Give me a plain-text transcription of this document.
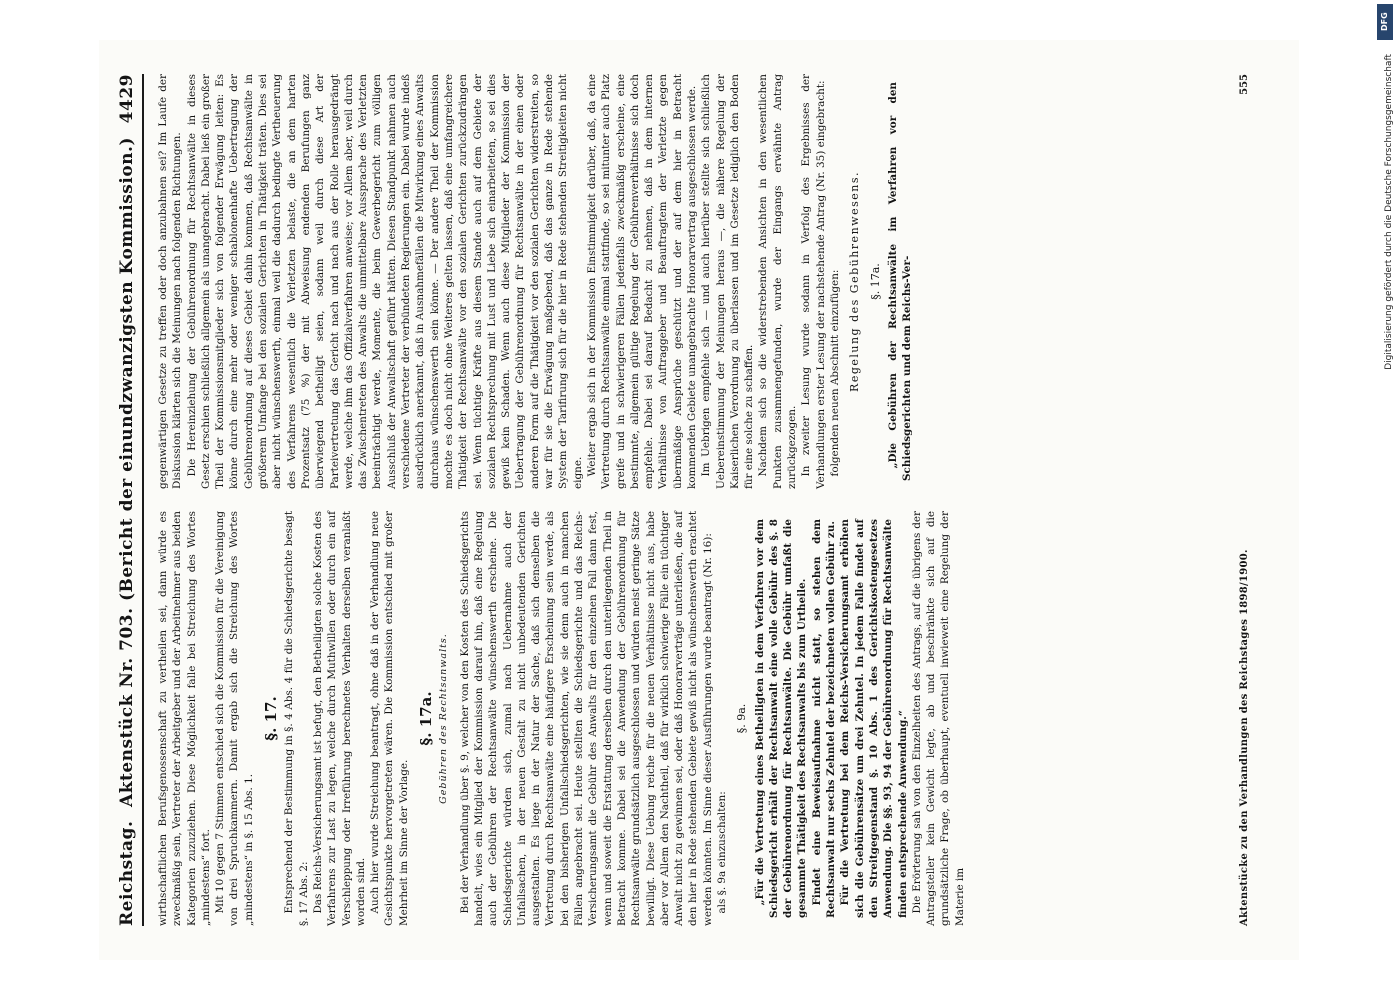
DFG
Digitalisierung gefördert durch die Deutsche Forschungsgemeinschaft
Reichstag.
Aktenstück Nr. 703. (Bericht der einundzwanzigsten Kommission.)
4429

wirthschaftlichen Berufsgenossenschaft zu vertheilen sei, dann würde es zweckmäßig sein, Vertreter der Arbeitgeber und der Arbeitnehmer aus beiden Kategorien zuzuziehen. Diese Möglichkeit falle bei Streichung des Wortes „mindestens“ fort. Mit 10 gegen 7 Stimmen entschied sich die Kommission für die Vereinigung von drei Spruchkammern. Damit ergab sich die Streichung des Wortes „mindestens“ in §. 15 Abs. 1.

§. 17. Entsprechend der Bestimmung in §. 4 Abs. 4 für die Schiedsgerichte besagt §. 17 Abs. 2: Das Reichs-Versicherungsamt ist befugt, den Betheiligten solche Kosten des Verfahrens zur Last zu legen, welche durch Muthwillen oder durch ein auf Verschleppung oder Irreführung berechnetes Verhalten derselben veranlaßt worden sind. Auch hier wurde Streichung beantragt, ohne daß in der Verhandlung neue Gesichtspunkte hervorgetreten wären. Die Kommission entschied mit großer Mehrheit im Sinne der Vorlage.

§. 17a. Gebühren des Rechtsanwalts. Bei der Verhandlung über §. 9, welcher von den Kosten des Schiedsgerichts handelt, wies ein Mitglied der Kommission darauf hin, daß eine Regelung auch der Gebühren der Rechtsanwälte wünschenswerth erscheine. Die Schiedsgerichte würden sich, zumal nach Uebernahme auch der Unfallsachen, in der neuen Gestalt zu nicht unbedeutenden Gerichten ausgestalten. Es liege in der Natur der Sache, daß sich denselben die Vertretung durch Rechtsanwälte eine häufigere Erscheinung sein werde, als bei den bisherigen Unfallschiedsgerichten, wie sie denn auch in manchen Fällen angebracht sei. Heute stellten die Schiedsgerichte und das Reichs-Versicherungsamt die Gebühr des Anwalts für den einzelnen Fall dann fest, wenn und soweit die Erstattung derselben durch den unterliegenden Theil in Betracht komme. Dabei sei die Anwendung der Gebührenordnung für Rechtsanwälte grundsätzlich ausgeschlossen und würden meist geringe Sätze bewilligt. Diese Uebung reiche für die neuen Verhältnisse nicht aus, habe aber vor Allem den Nachtheil, daß für wirklich schwierige Fälle ein tüchtiger Anwalt nicht zu gewinnen sei, oder daß Honorarverträge unterließen, die auf den hier in Rede stehenden Gebiete gewiß nicht als wünschenswerth erachtet werden könnten. Im Sinne dieser Ausführungen wurde beantragt (Nr. 16): als §. 9a einzuschalten:

§. 9a. „Für die Vertretung eines Betheiligten in dem Verfahren vor dem Schiedsgericht erhält der Rechtsanwalt eine volle Gebühr des §. 8 der Gebührenordnung für Rechtsanwälte. Die Gebühr umfaßt die gesammte Thätigkeit des Rechtsanwalts bis zum Urtheile. Findet eine Beweisaufnahme nicht statt, so stehen dem Rechtsanwalt nur sechs Zehntel der bezeichneten vollen Gebühr zu. Für die Vertretung bei dem Reichs-Versicherungsamt erhöhen sich die Gebührensätze um drei Zehntel. In jedem Falle findet auf den Streitgegenstand §. 10 Abs. 1 des Gerichtskostengesetzes Anwendung. Die §§. 93, 94 der Gebührenordnung für Rechtsanwälte finden entsprechende Anwendung.“ Die Erörterung sah von den Einzelheiten des Antrags, auf die übrigens der Antragsteller kein Gewicht legte, ab und beschränkte sich auf die grundsätzliche Frage, ob überhaupt, eventuell inwieweit eine Regelung der Materie im

gegenwärtigen Gesetze zu treffen oder doch anzubahnen sei? Im Laufe der Diskussion klärten sich die Meinungen nach folgenden Richtungen. Die Hereinziehung der Gebührenordnung für Rechtsanwälte in dieses Gesetz erschien schließlich allgemein als unangebracht. Dabei ließ ein großer Theil der Kommissionsmitglieder sich von folgender Erwägung leiten: Es könne durch eine mehr oder weniger schablonenhafte Uebertragung der Gebührenordnung auf dieses Gebiet dahin kommen, daß Rechtsanwälte in größerem Umfange bei den sozialen Gerichten in Thätigkeit träten. Dies sei aber nicht wünschenswerth, einmal weil die dadurch bedingte Vertheuerung des Verfahrens wesentlich die Verletzten belaste, die an dem harten Prozentsatz (75 %) der mit Abweisung endenden Berufungen ganz überwiegend betheiligt seien, sodann weil durch diese Art der Parteivertretung das Gericht nach und nach aus der Rolle herausgedrängt werde, welche ihm das Offizialverfahren anweise; vor Allem aber, weil durch das Zwischentreten des Anwalts die unmittelbare Aussprache des Verletzten beeinträchtigt werde, Momente, die beim Gewerbegericht zum völligen Ausschluß der Anwaltschaft geführt hätten. Diesen Standpunkt nahmen auch verschiedene Vertreter der verbündeten Regierungen ein. Dabei wurde indeß ausdrücklich anerkannt, daß in Ausnahmefällen die Mitwirkung eines Anwalts durchaus wünschenswerth sein könne. — Der andere Theil der Kommission mochte es doch nicht ohne Weiteres gelten lassen, daß eine umfangreichere Thätigkeit der Rechtsanwälte vor den sozialen Gerichten zurückzudrängen sei. Wenn tüchtige Kräfte aus diesem Stande auch auf dem Gebiete der sozialen Rechtsprechung mit Lust und Liebe sich einarbeiteten, so sei dies gewiß kein Schaden. Wenn auch diese Mitglieder der Kommission der Uebertragung der Gebührenordnung für Rechtsanwälte in der einen oder anderen Form auf die Thätigkeit vor den sozialen Gerichten widerstreiten, so war für sie die Erwägung maßgebend, daß das ganze in Rede stehende System der Tarifirung sich für die hier in Rede stehenden Streitigkeiten nicht eigne. Weiter ergab sich in der Kommission Einstimmigkeit darüber, daß, da eine Vertretung durch Rechtsanwälte einmal stattfinde, so sei mitunter auch Platz greife und in schwierigeren Fällen jedenfalls zweckmäßig erscheine, eine bestimmte, allgemein gültige Regelung der Gebührenverhältnisse sich doch empfehle. Dabei sei darauf Bedacht zu nehmen, daß in dem internen Verhältnisse von Auftraggeber und Beauftragtem der Verletzte gegen übermäßige Ansprüche geschützt und der auf dem hier in Betracht kommenden Gebiete unangebrachte Honorarvertrag ausgeschlossen werde. Im Uebrigen empfehle sich — und auch hierüber stellte sich schließlich Uebereinstimmung der Meinungen heraus —, die nähere Regelung der Kaiserlichen Verordnung zu überlassen und im Gesetze lediglich den Boden für eine solche zu schaffen. Nachdem sich so die widerstrebenden Ansichten in den wesentlichen Punkten zusammengefunden, wurde der Eingangs erwähnte Antrag zurückgezogen. In zweiter Lesung wurde sodann in Verfolg des Ergebnisses der Verhandlungen erster Lesung der nachstehende Antrag (Nr. 35) eingebracht: folgenden neuen Abschnitt einzufügen: Regelung des Gebührenwesens. §. 17a. „Die Gebühren der Rechtsanwälte im Verfahren vor den Schiedsgerichten und dem Reichs-Ver-

Aktenstücke zu den Verhandlungen des Reichstages 1898/1900.
555
